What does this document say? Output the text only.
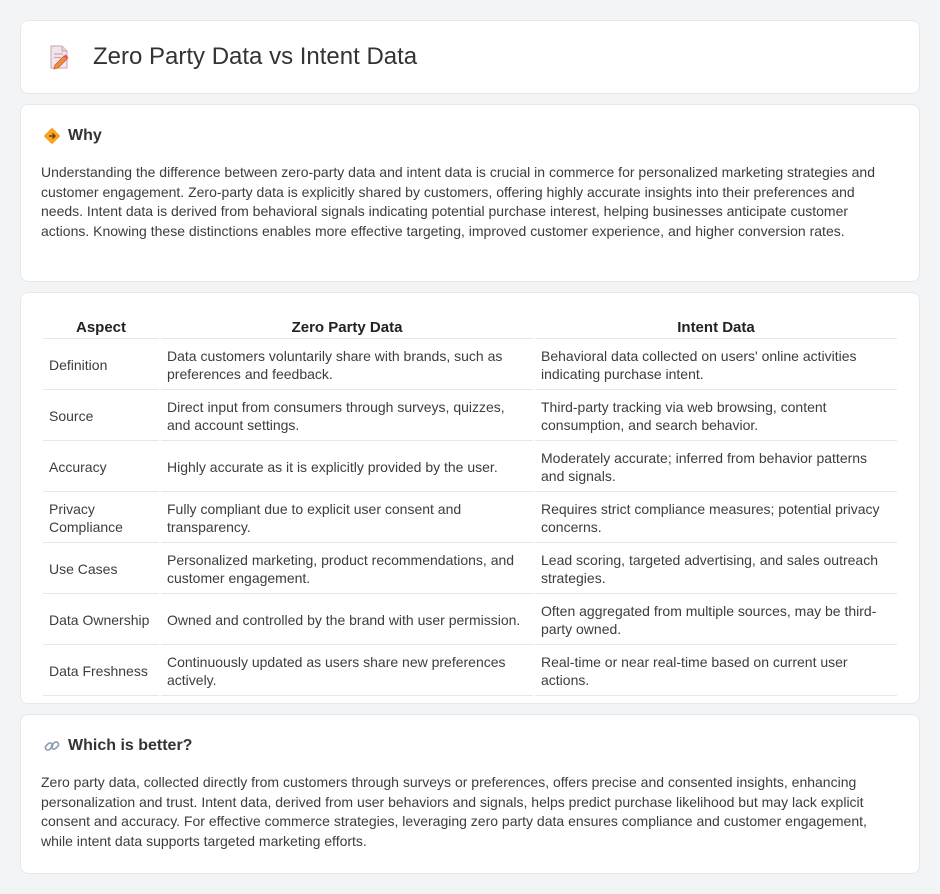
Zero Party Data vs Intent Data
Why

Understanding the difference between zero-party data and intent data is crucial in commerce for personalized marketing strategies and customer engagement. Zero-party data is explicitly shared by customers, offering highly accurate insights into their preferences and needs. Intent data is derived from behavioral signals indicating potential purchase interest, helping businesses anticipate customer actions. Knowing these distinctions enables more effective targeting, improved customer experience, and higher conversion rates.

Aspect	Zero Party Data	Intent Data
Definition	Data customers voluntarily share with brands, such as preferences and feedback.	Behavioral data collected on users' online activities indicating purchase intent.
Source	Direct input from consumers through surveys, quizzes, and account settings.	Third-party tracking via web browsing, content consumption, and search behavior.
Accuracy	Highly accurate as it is explicitly provided by the user.	Moderately accurate; inferred from behavior patterns and signals.
Privacy Compliance	Fully compliant due to explicit user consent and transparency.	Requires strict compliance measures; potential privacy concerns.
Use Cases	Personalized marketing, product recommendations, and customer engagement.	Lead scoring, targeted advertising, and sales outreach strategies.
Data Ownership	Owned and controlled by the brand with user permission.	Often aggregated from multiple sources, may be third-party owned.
Data Freshness	Continuously updated as users share new preferences actively.	Real-time or near real-time based on current user actions.
Which is better?

Zero party data, collected directly from customers through surveys or preferences, offers precise and consented insights, enhancing personalization and trust. Intent data, derived from user behaviors and signals, helps predict purchase likelihood but may lack explicit consent and accuracy. For effective commerce strategies, leveraging zero party data ensures compliance and customer engagement, while intent data supports targeted marketing efforts.
